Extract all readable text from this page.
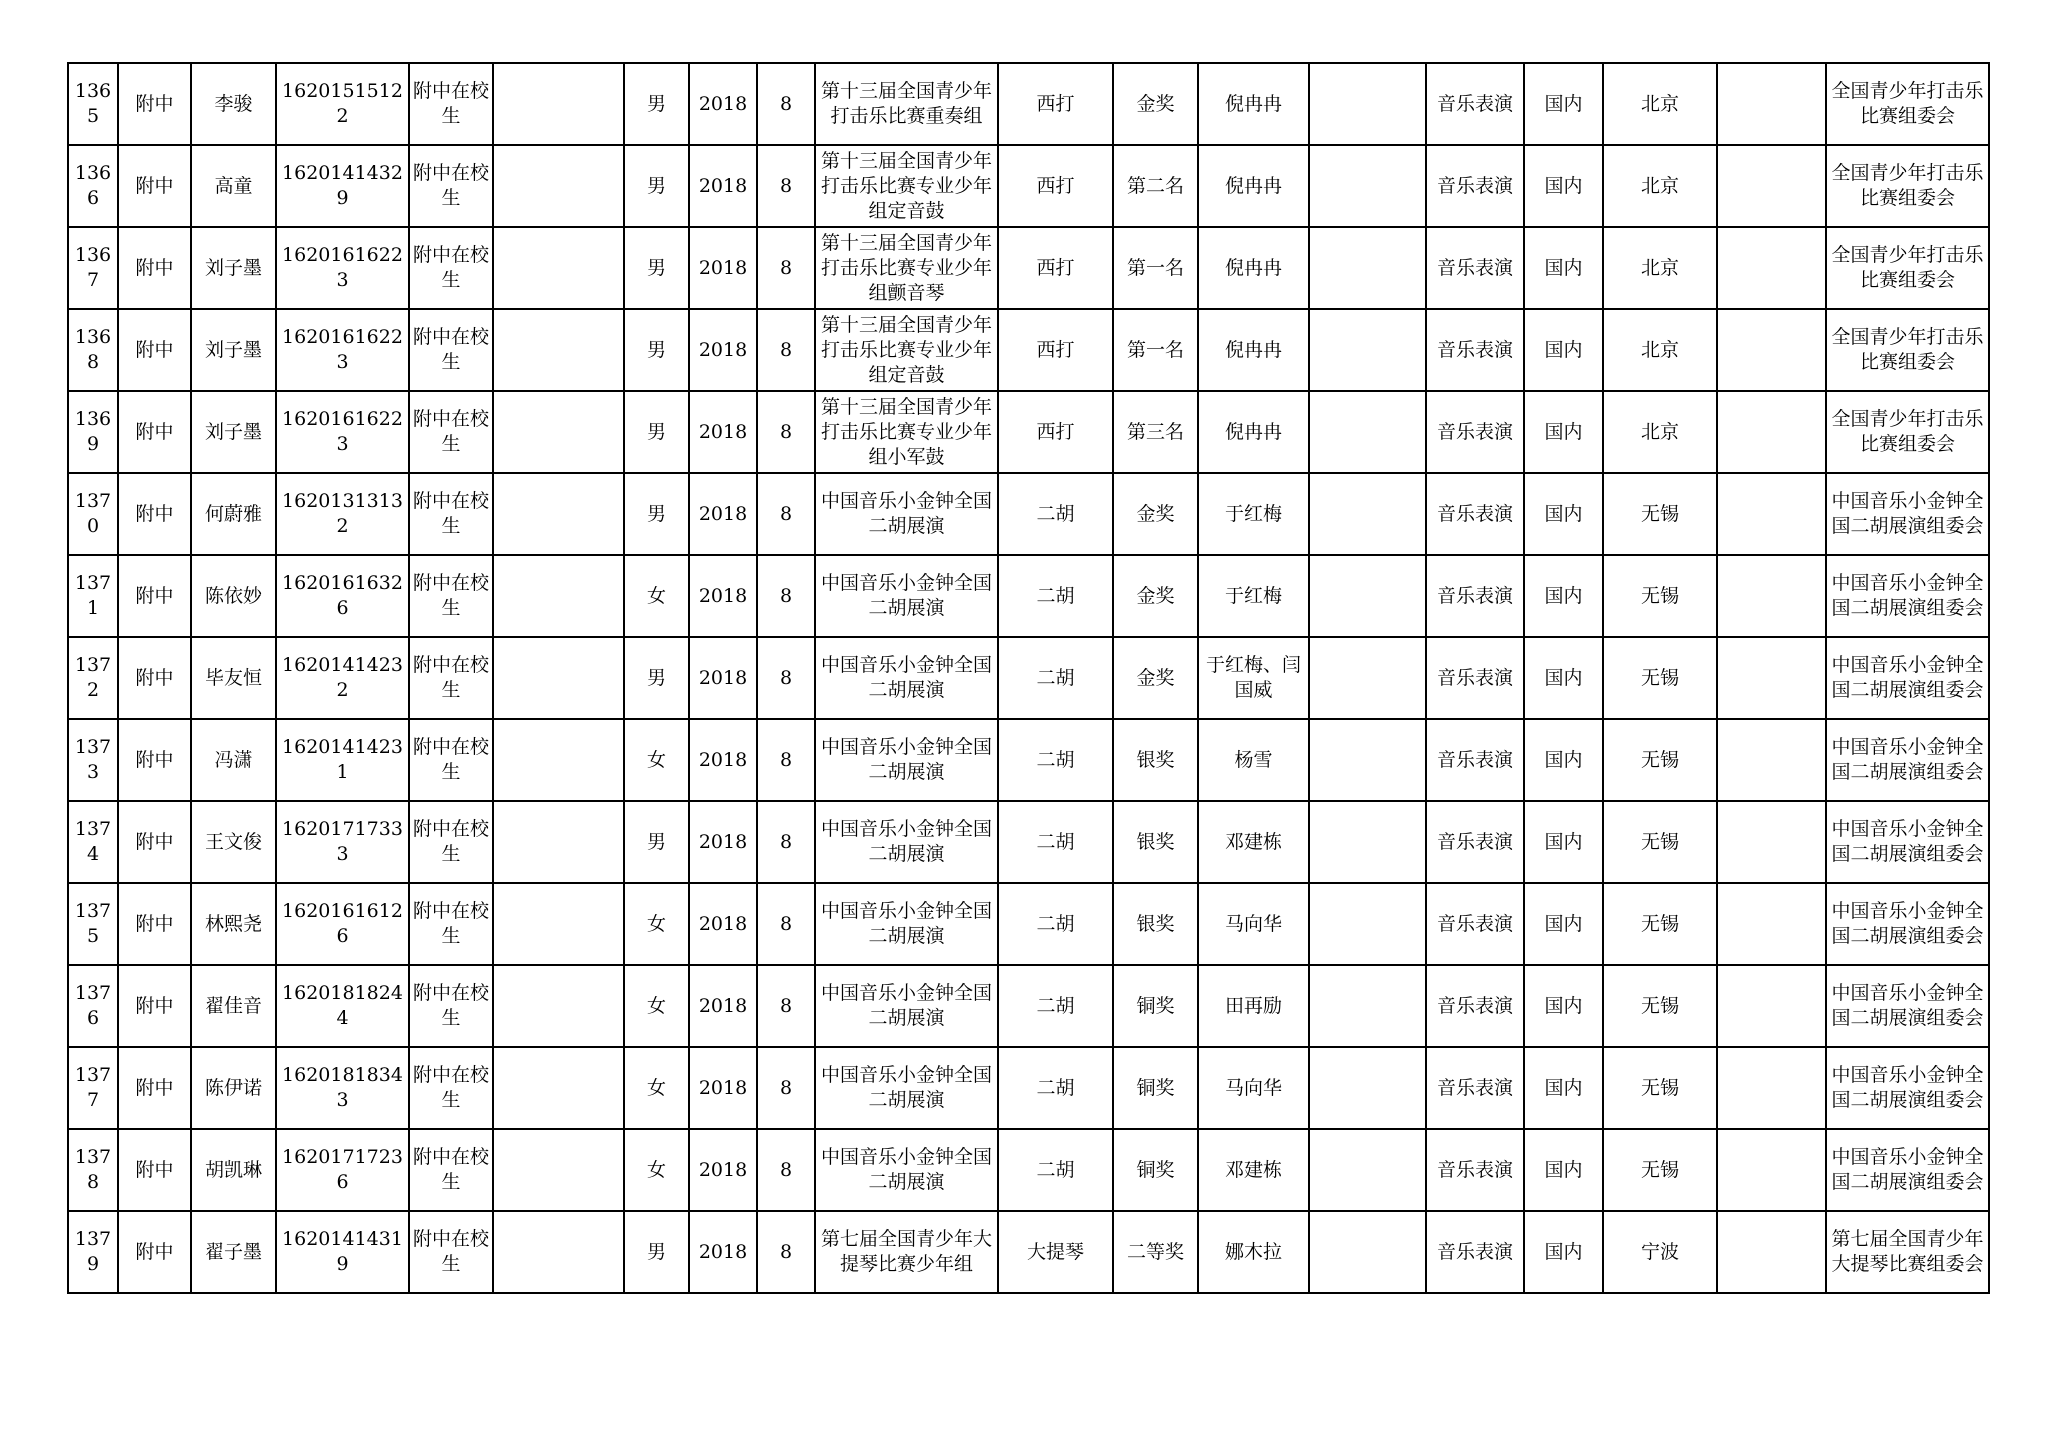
1365	附中	李骏	16201515122	附中在校生		男	2018	8	第十三届全国青少年打击乐比赛重奏组	西打	金奖	倪冉冉		音乐表演	国内	北京		全国青少年打击乐比赛组委会
1366	附中	高童	16201414329	附中在校生		男	2018	8	第十三届全国青少年打击乐比赛专业少年组定音鼓	西打	第二名	倪冉冉		音乐表演	国内	北京		全国青少年打击乐比赛组委会
1367	附中	刘子墨	16201616223	附中在校生		男	2018	8	第十三届全国青少年打击乐比赛专业少年组颤音琴	西打	第一名	倪冉冉		音乐表演	国内	北京		全国青少年打击乐比赛组委会
1368	附中	刘子墨	16201616223	附中在校生		男	2018	8	第十三届全国青少年打击乐比赛专业少年组定音鼓	西打	第一名	倪冉冉		音乐表演	国内	北京		全国青少年打击乐比赛组委会
1369	附中	刘子墨	16201616223	附中在校生		男	2018	8	第十三届全国青少年打击乐比赛专业少年组小军鼓	西打	第三名	倪冉冉		音乐表演	国内	北京		全国青少年打击乐比赛组委会
1370	附中	何蔚雅	16201313132	附中在校生		男	2018	8	中国音乐小金钟全国二胡展演	二胡	金奖	于红梅		音乐表演	国内	无锡		中国音乐小金钟全国二胡展演组委会
1371	附中	陈依妙	16201616326	附中在校生		女	2018	8	中国音乐小金钟全国二胡展演	二胡	金奖	于红梅		音乐表演	国内	无锡		中国音乐小金钟全国二胡展演组委会
1372	附中	毕友恒	16201414232	附中在校生		男	2018	8	中国音乐小金钟全国二胡展演	二胡	金奖	于红梅、闫国威		音乐表演	国内	无锡		中国音乐小金钟全国二胡展演组委会
1373	附中	冯潇	16201414231	附中在校生		女	2018	8	中国音乐小金钟全国二胡展演	二胡	银奖	杨雪		音乐表演	国内	无锡		中国音乐小金钟全国二胡展演组委会
1374	附中	王文俊	16201717333	附中在校生		男	2018	8	中国音乐小金钟全国二胡展演	二胡	银奖	邓建栋		音乐表演	国内	无锡		中国音乐小金钟全国二胡展演组委会
1375	附中	林熙尧	16201616126	附中在校生		女	2018	8	中国音乐小金钟全国二胡展演	二胡	银奖	马向华		音乐表演	国内	无锡		中国音乐小金钟全国二胡展演组委会
1376	附中	翟佳音	16201818244	附中在校生		女	2018	8	中国音乐小金钟全国二胡展演	二胡	铜奖	田再励		音乐表演	国内	无锡		中国音乐小金钟全国二胡展演组委会
1377	附中	陈伊诺	16201818343	附中在校生		女	2018	8	中国音乐小金钟全国二胡展演	二胡	铜奖	马向华		音乐表演	国内	无锡		中国音乐小金钟全国二胡展演组委会
1378	附中	胡凯琳	16201717236	附中在校生		女	2018	8	中国音乐小金钟全国二胡展演	二胡	铜奖	邓建栋		音乐表演	国内	无锡		中国音乐小金钟全国二胡展演组委会
1379	附中	翟子墨	16201414319	附中在校生		男	2018	8	第七届全国青少年大提琴比赛少年组	大提琴	二等奖	娜木拉		音乐表演	国内	宁波		第七届全国青少年大提琴比赛组委会
